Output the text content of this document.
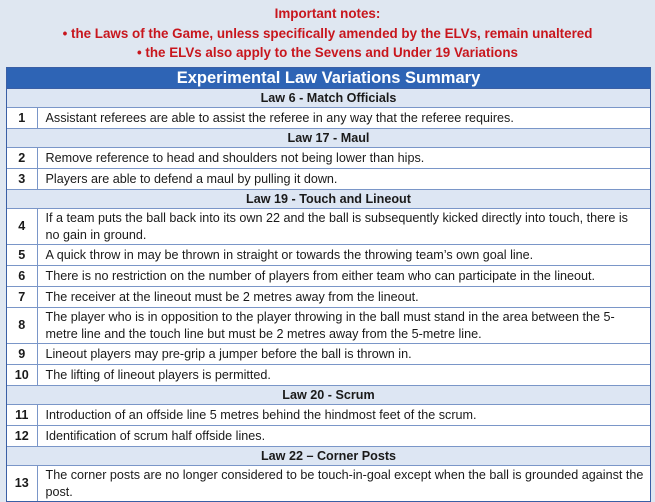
Important notes:
• the Laws of the Game, unless specifically amended by the ELVs, remain unaltered
• the ELVs also apply to the Sevens and Under 19 Variations
Experimental Law Variations Summary
Law 6 - Match Officials	
1	Assistant referees are able to assist the referee in any way that the referee requires.
Law 17 - Maul	
2	Remove reference to head and shoulders not being lower than hips.
3	Players are able to defend a maul by pulling it down.
Law 19 - Touch and Lineout	
4	If a team puts the ball back into its own 22 and the ball is subsequently kicked directly into touch, there is no gain in ground.
5	A quick throw in may be thrown in straight or towards the throwing team’s own goal line.
6	There is no restriction on the number of players from either team who can participate in the lineout.
7	The receiver at the lineout must be 2 metres away from the lineout.
8	The player who is in opposition to the player throwing in the ball must stand in the area between the 5-metre line and the touch line but must be 2 metres away from the 5-metre line.
9	Lineout players may pre-grip a jumper before the ball is thrown in.
10	The lifting of lineout players is permitted.
Law 20 - Scrum	
11	Introduction of an offside line 5 metres behind the hindmost feet of the scrum.
12	Identification of scrum half offside lines.
Law 22 – Corner Posts	
13	The corner posts are no longer considered to be touch-in-goal except when the ball is grounded against the post.
